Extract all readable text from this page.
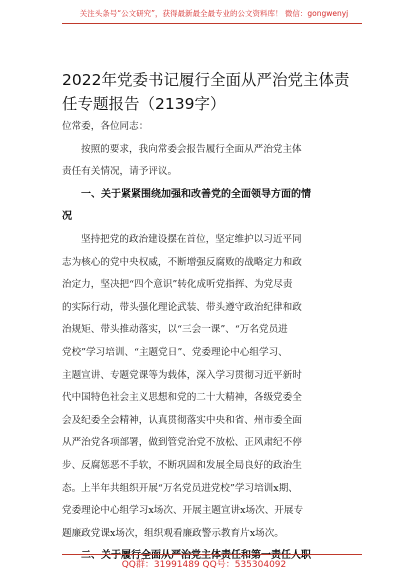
关注头条号“公文研究”，获得最新最全最专业的公文资料库！ 微信：gongwenyj
2022年党委书记履行全面从严治党主体责
任专题报告（2139字）
位常委，各位同志：
按照的要求，我向常委会报告履行全面从严治党主体
责任有关情况，请予评议。
一、关于紧紧围绕加强和改善党的全面领导方面的情
况
坚持把党的政治建设摆在首位，坚定维护以习近平同
志为核心的党中央权威，不断增强反腐败的战略定力和政
治定力，坚决把“四个意识”转化成听党指挥、为党尽责
的实际行动，带头强化理论武装、带头遵守政治纪律和政
治规矩、带头推动落实，以“三会一课”、“万名党员进
党校”学习培训、“主题党日”、党委理论中心组学习、
主题宣讲、专题党课等为载体，深入学习贯彻习近平新时
代中国特色社会主义思想和党的二十大精神，各级党委全
会及纪委全会精神，认真贯彻落实中央和省、州市委全面
从严治党各项部署，做到管党治党不放松、正风肃纪不停
步、反腐惩恶不手软，不断巩固和发展全局良好的政治生
态。上半年共组织开展“万名党员进党校”学习培训x期、
党委理论中心组学习x场次、开展主题宣讲x场次、开展专
题廉政党课x场次，组织观看廉政警示教育片x场次。
二、关于履行全面从严治党主体责任和第一责任人职
QQ群：31991489 QQ号：535304092
